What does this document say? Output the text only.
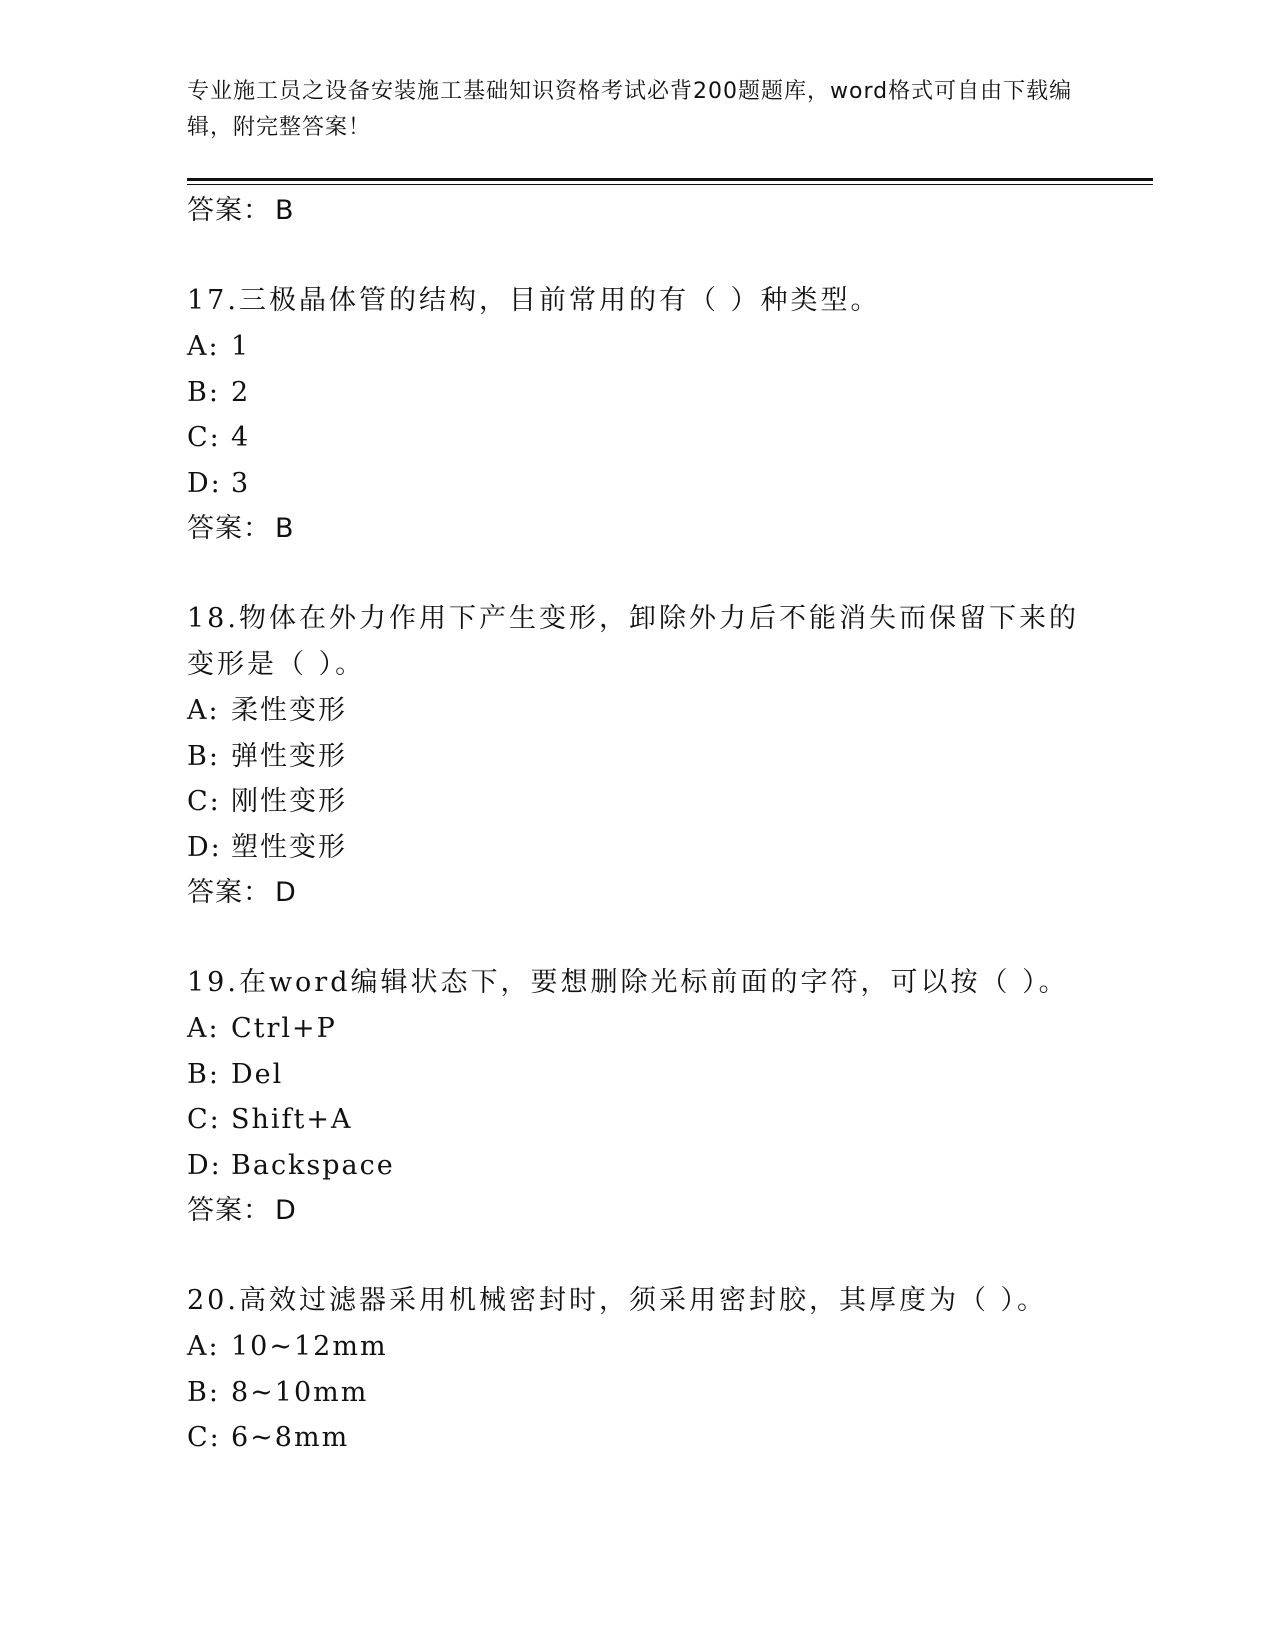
专业施工员之设备安装施工基础知识资格考试必背200题题库，word格式可自由下载编辑，附完整答案！
答案： B
17.三极晶体管的结构，目前常用的有（ ）种类型。
A: 1
B: 2
C: 4
D: 3
答案： B
18.物体在外力作用下产生变形，卸除外力后不能消失而保留下来的变形是（ ）。
A: 柔性变形
B: 弹性变形
C: 刚性变形
D: 塑性变形
答案： D
19.在word编辑状态下，要想删除光标前面的字符，可以按（ ）。
A: Ctrl+P
B: Del
C: Shift+A
D: Backspace
答案： D
20.高效过滤器采用机械密封时，须采用密封胶，其厚度为（ ）。
A: 10~12mm
B: 8~10mm
C: 6~8mm
